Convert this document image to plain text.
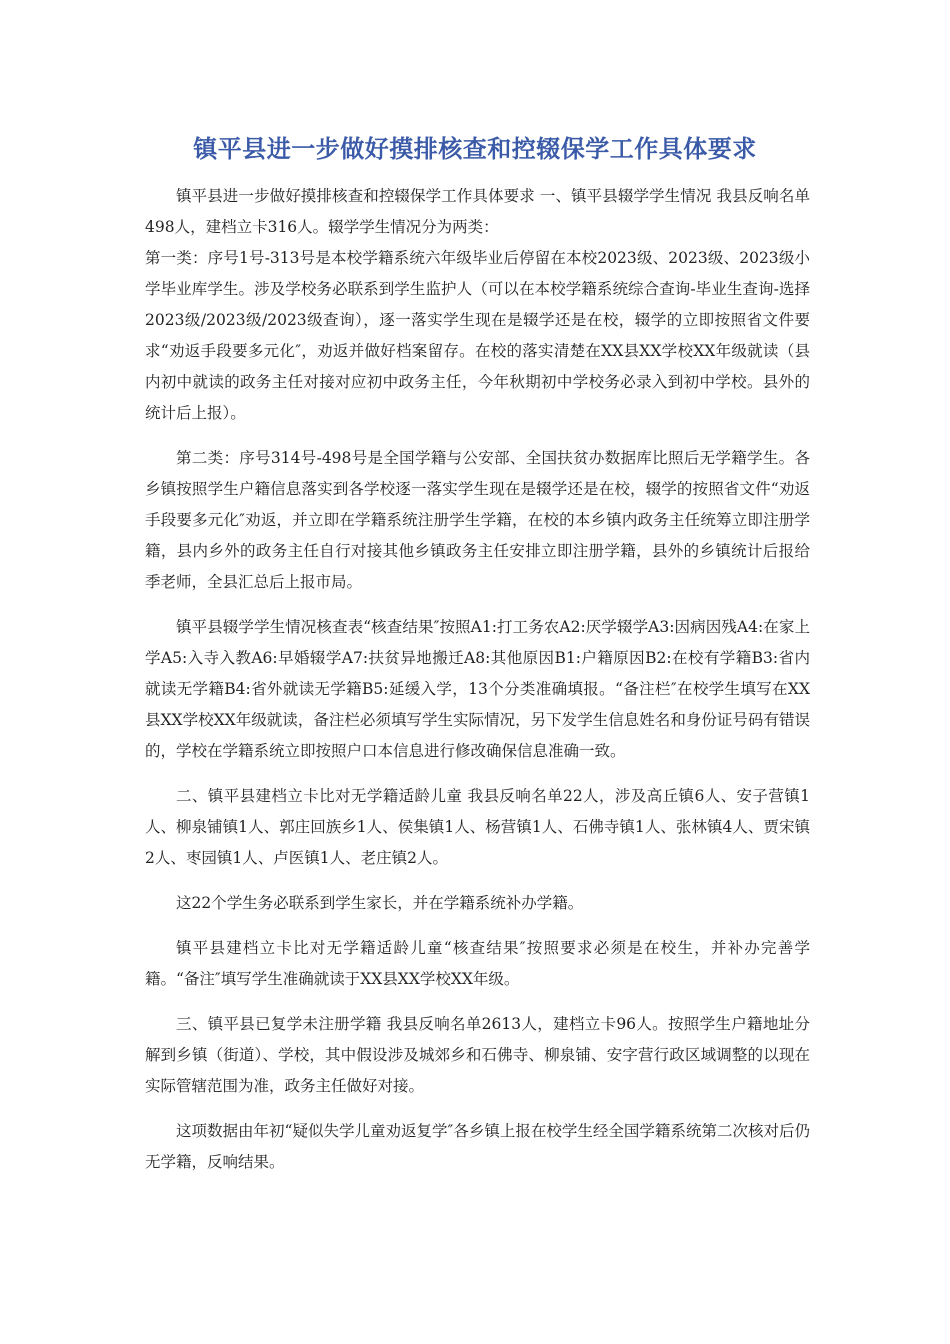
镇平县进一步做好摸排核查和控辍保学工作具体要求

镇平县进一步做好摸排核查和控辍保学工作具体要求 一、镇平县辍学学生情况 我县反响名单498人，建档立卡316人。辍学学生情况分为两类：

第一类：序号1号-313号是本校学籍系统六年级毕业后停留在本校2023级、2023级、2023级小学毕业库学生。涉及学校务必联系到学生监护人（可以在本校学籍系统综合查询-毕业生查询-选择2023级/2023级/2023级查询），逐一落实学生现在是辍学还是在校，辍学的立即按照省文件要求“劝返手段要多元化″，劝返并做好档案留存。在校的落实清楚在XX县XX学校XX年级就读（县内初中就读的政务主任对接对应初中政务主任，今年秋期初中学校务必录入到初中学校。县外的统计后上报）。

第二类：序号314号-498号是全国学籍与公安部、全国扶贫办数据库比照后无学籍学生。各乡镇按照学生户籍信息落实到各学校逐一落实学生现在是辍学还是在校，辍学的按照省文件“劝返手段要多元化″劝返，并立即在学籍系统注册学生学籍，在校的本乡镇内政务主任统筹立即注册学籍，县内乡外的政务主任自行对接其他乡镇政务主任安排立即注册学籍，县外的乡镇统计后报给季老师，全县汇总后上报市局。

镇平县辍学学生情况核查表“核查结果″按照A1:打工务农A2:厌学辍学A3:因病因残A4:在家上学A5:入寺入教A6:早婚辍学A7:扶贫异地搬迁A8:其他原因B1:户籍原因B2:在校有学籍B3:省内就读无学籍B4:省外就读无学籍B5:延缓入学，13个分类准确填报。“备注栏″在校学生填写在XX县XX学校XX年级就读，备注栏必须填写学生实际情况，另下发学生信息姓名和身份证号码有错误的，学校在学籍系统立即按照户口本信息进行修改确保信息准确一致。

二、镇平县建档立卡比对无学籍适龄儿童 我县反响名单22人，涉及高丘镇6人、安子营镇1人、柳泉铺镇1人、郭庄回族乡1人、侯集镇1人、杨营镇1人、石佛寺镇1人、张林镇4人、贾宋镇2人、枣园镇1人、卢医镇1人、老庄镇2人。

这22个学生务必联系到学生家长，并在学籍系统补办学籍。

镇平县建档立卡比对无学籍适龄儿童“核查结果″按照要求必须是在校生，并补办完善学籍。“备注″填写学生准确就读于XX县XX学校XX年级。

三、镇平县已复学未注册学籍 我县反响名单2613人，建档立卡96人。按照学生户籍地址分解到乡镇（街道）、学校，其中假设涉及城郊乡和石佛寺、柳泉铺、安字营行政区域调整的以现在实际管辖范围为准，政务主任做好对接。

这项数据由年初“疑似失学儿童劝返复学″各乡镇上报在校学生经全国学籍系统第二次核对后仍无学籍，反响结果。
